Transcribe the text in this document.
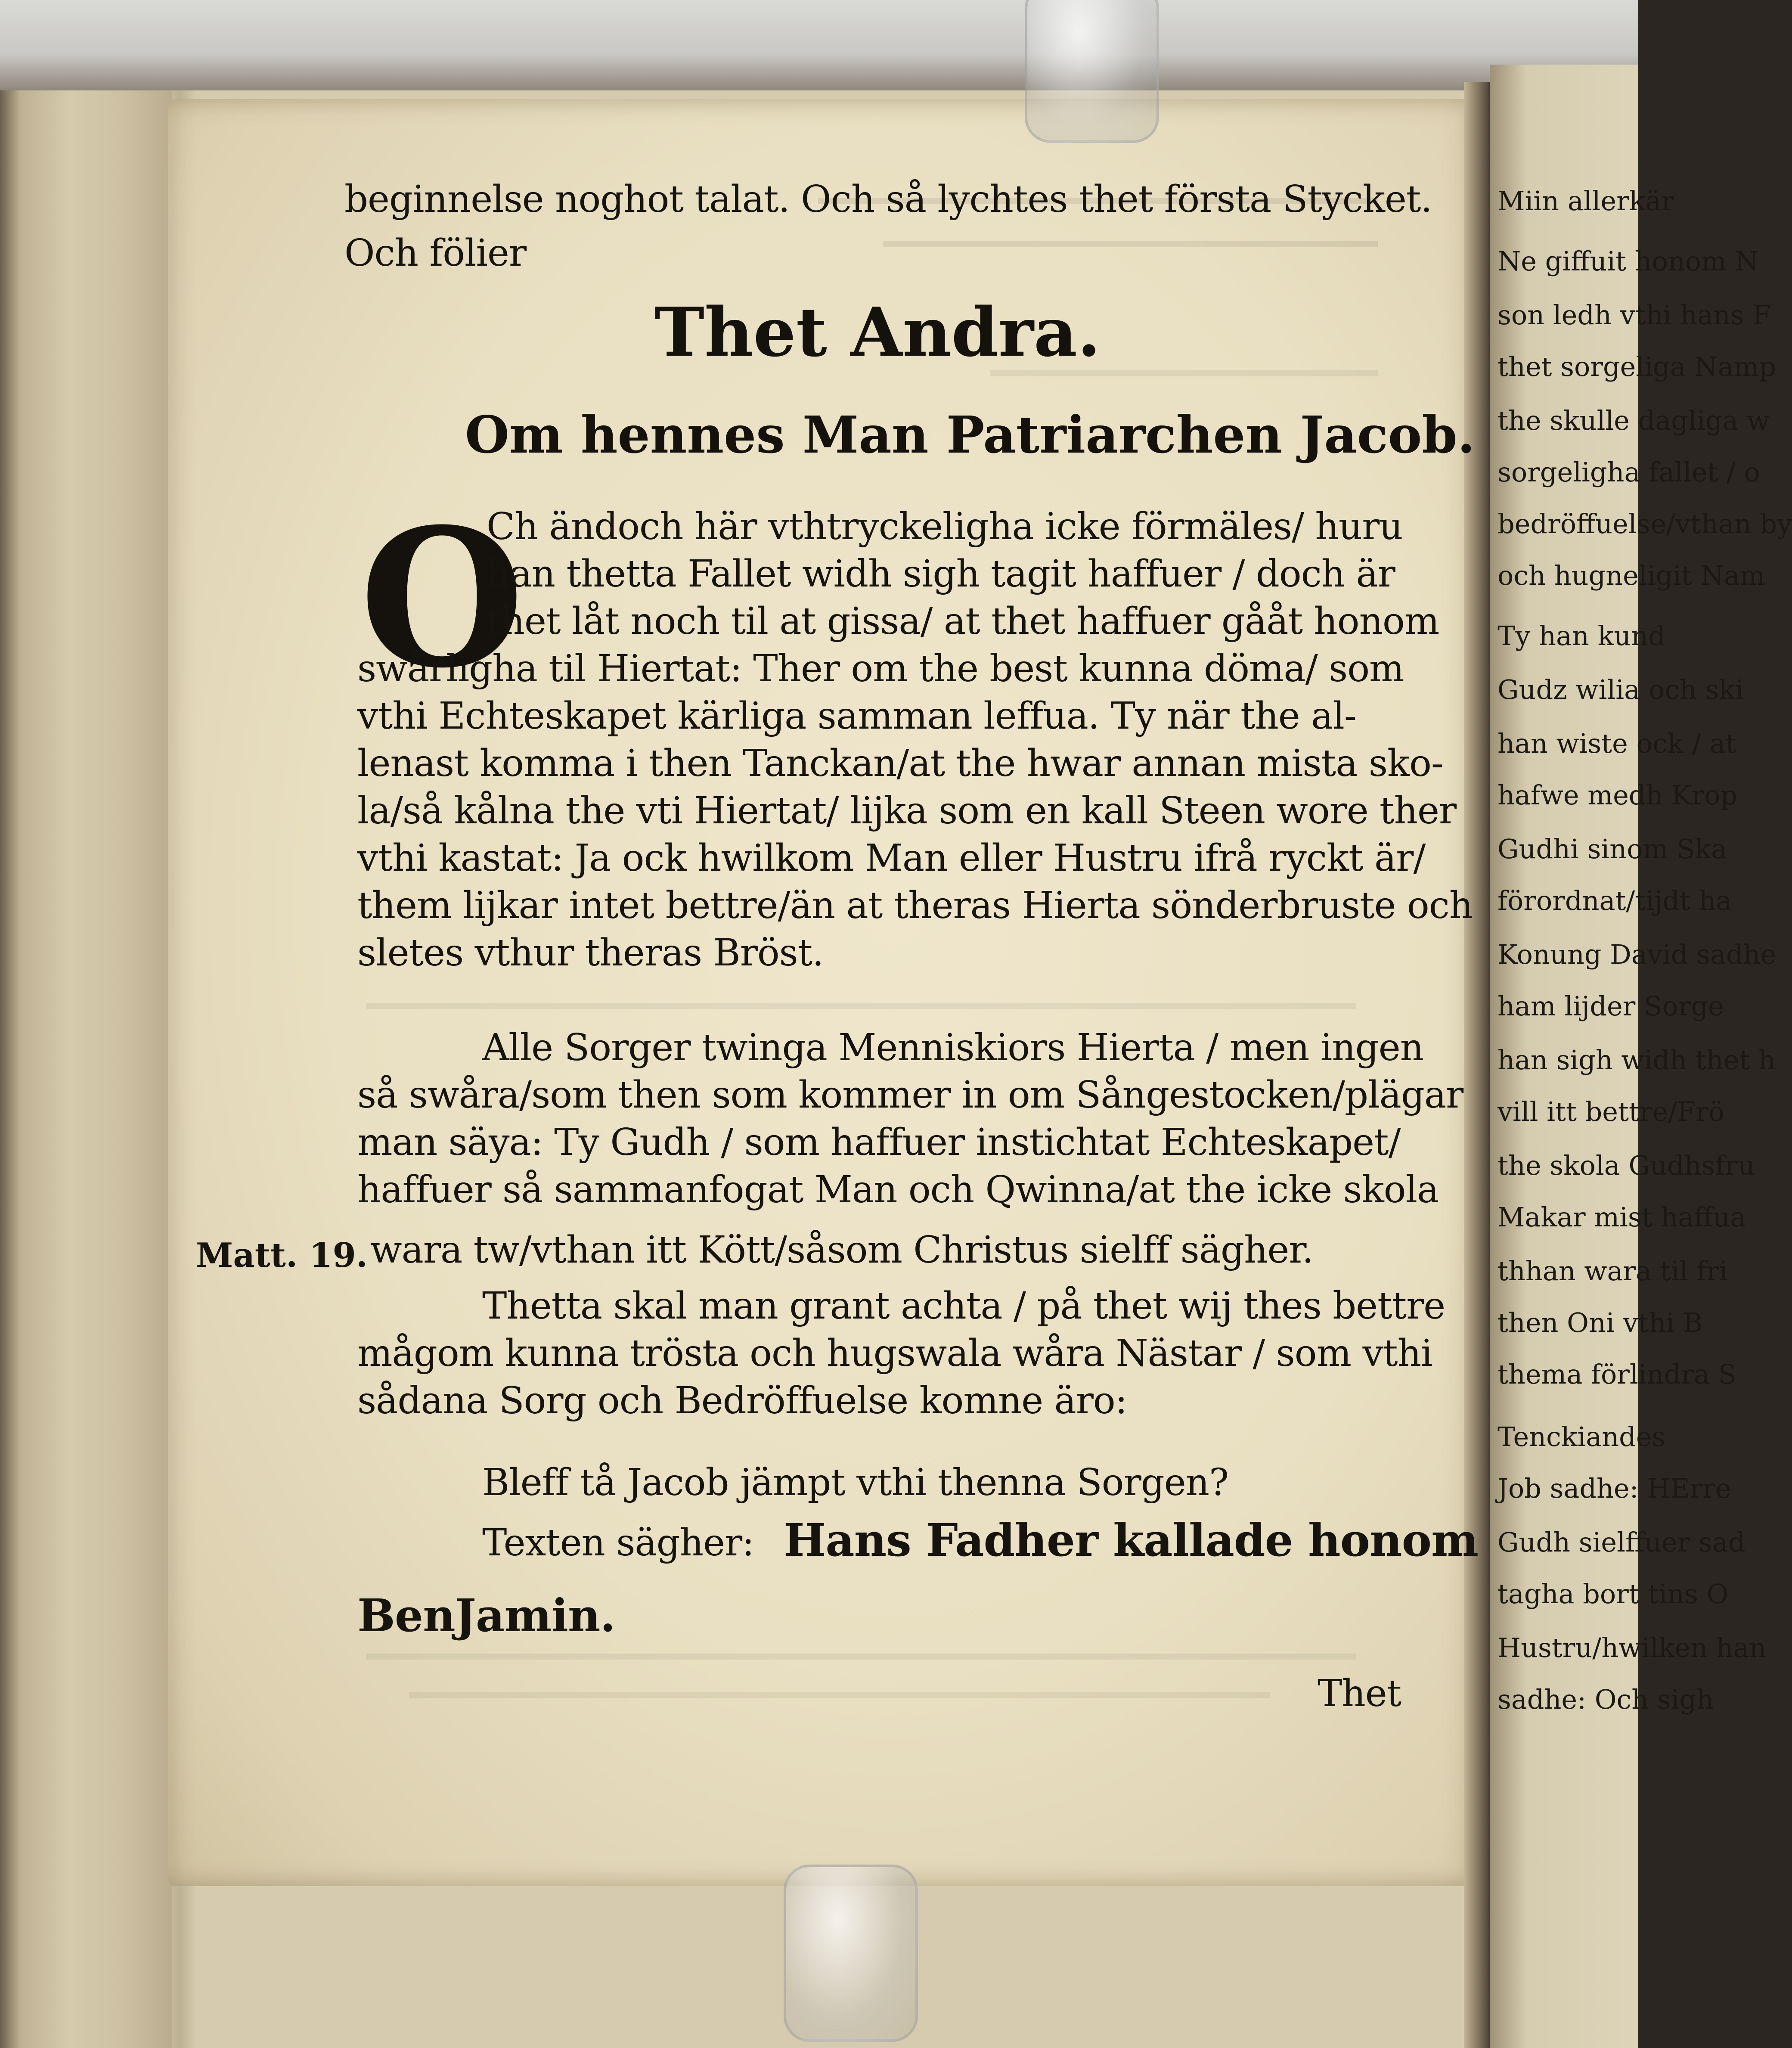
Miin allerkär
Ne giffuit honom N
son ledh vthi hans F
thet sorgeliga Namp
the skulle dagliga w
sorgeligha fallet / o
bedröffuelse/vthan by
och hugneligit Nam
Ty han kund
Gudz wilia och ski
han wiste ock / at
hafwe medh Krop
Gudhi sinom Ska
förordnat/tijdt ha
Konung David sadhe
ham lijder Sorge
han sigh widh thet h
vill itt bettre/Frö
the skola Gudhsfru
Makar mist haffua
thhan wara til fri
then Oni vthi B
thema förlindra S
Tenckiandes
Job sadhe: HErre
Gudh sielffuer sad
tagha bort tins O
Hustru/hwilken han
sadhe: Och sigh
beginnelse noghot talat. Och så lychtes thet första Stycket.
Och fölier
Thet Andra.
Om hennes Man Patriarchen Jacob.
O
Ch ändoch här vthtryckeligha icke förmäles/ huru
han thetta Fallet widh sigh tagit haffuer / doch är
thet låt noch til at gissa/ at thet haffuer gååt honom
swårligha til Hiertat: Ther om the best kunna döma/ som
vthi Echteskapet kärliga samman leffua. Ty när the al-
lenast komma i then Tanckan/at the hwar annan mista sko-
la/så kålna the vti Hiertat/ lijka som en kall Steen wore ther
vthi kastat: Ja ock hwilkom Man eller Hustru ifrå ryckt är/
them lijkar intet bettre/än at theras Hierta sönderbruste och
sletes vthur theras Bröst.
Alle Sorger twinga Menniskiors Hierta / men ingen
så swåra/som then som kommer in om Sångestocken/plägar
man säya: Ty Gudh / som haffuer instichtat Echteskapet/
haffuer så sammanfogat Man och Qwinna/at the icke skola
wara tw/vthan itt Kött/såsom Christus sielff sägher.
Matt. 19.
Thetta skal man grant achta / på thet wij thes bettre
mågom kunna trösta och hugswala wåra Nästar / som vthi
sådana Sorg och Bedröffuelse komne äro:
Bleff tå Jacob jämpt vthi thenna Sorgen?
Texten sägher: Hans Fadher kallade honom
BenJamin.
Thet
